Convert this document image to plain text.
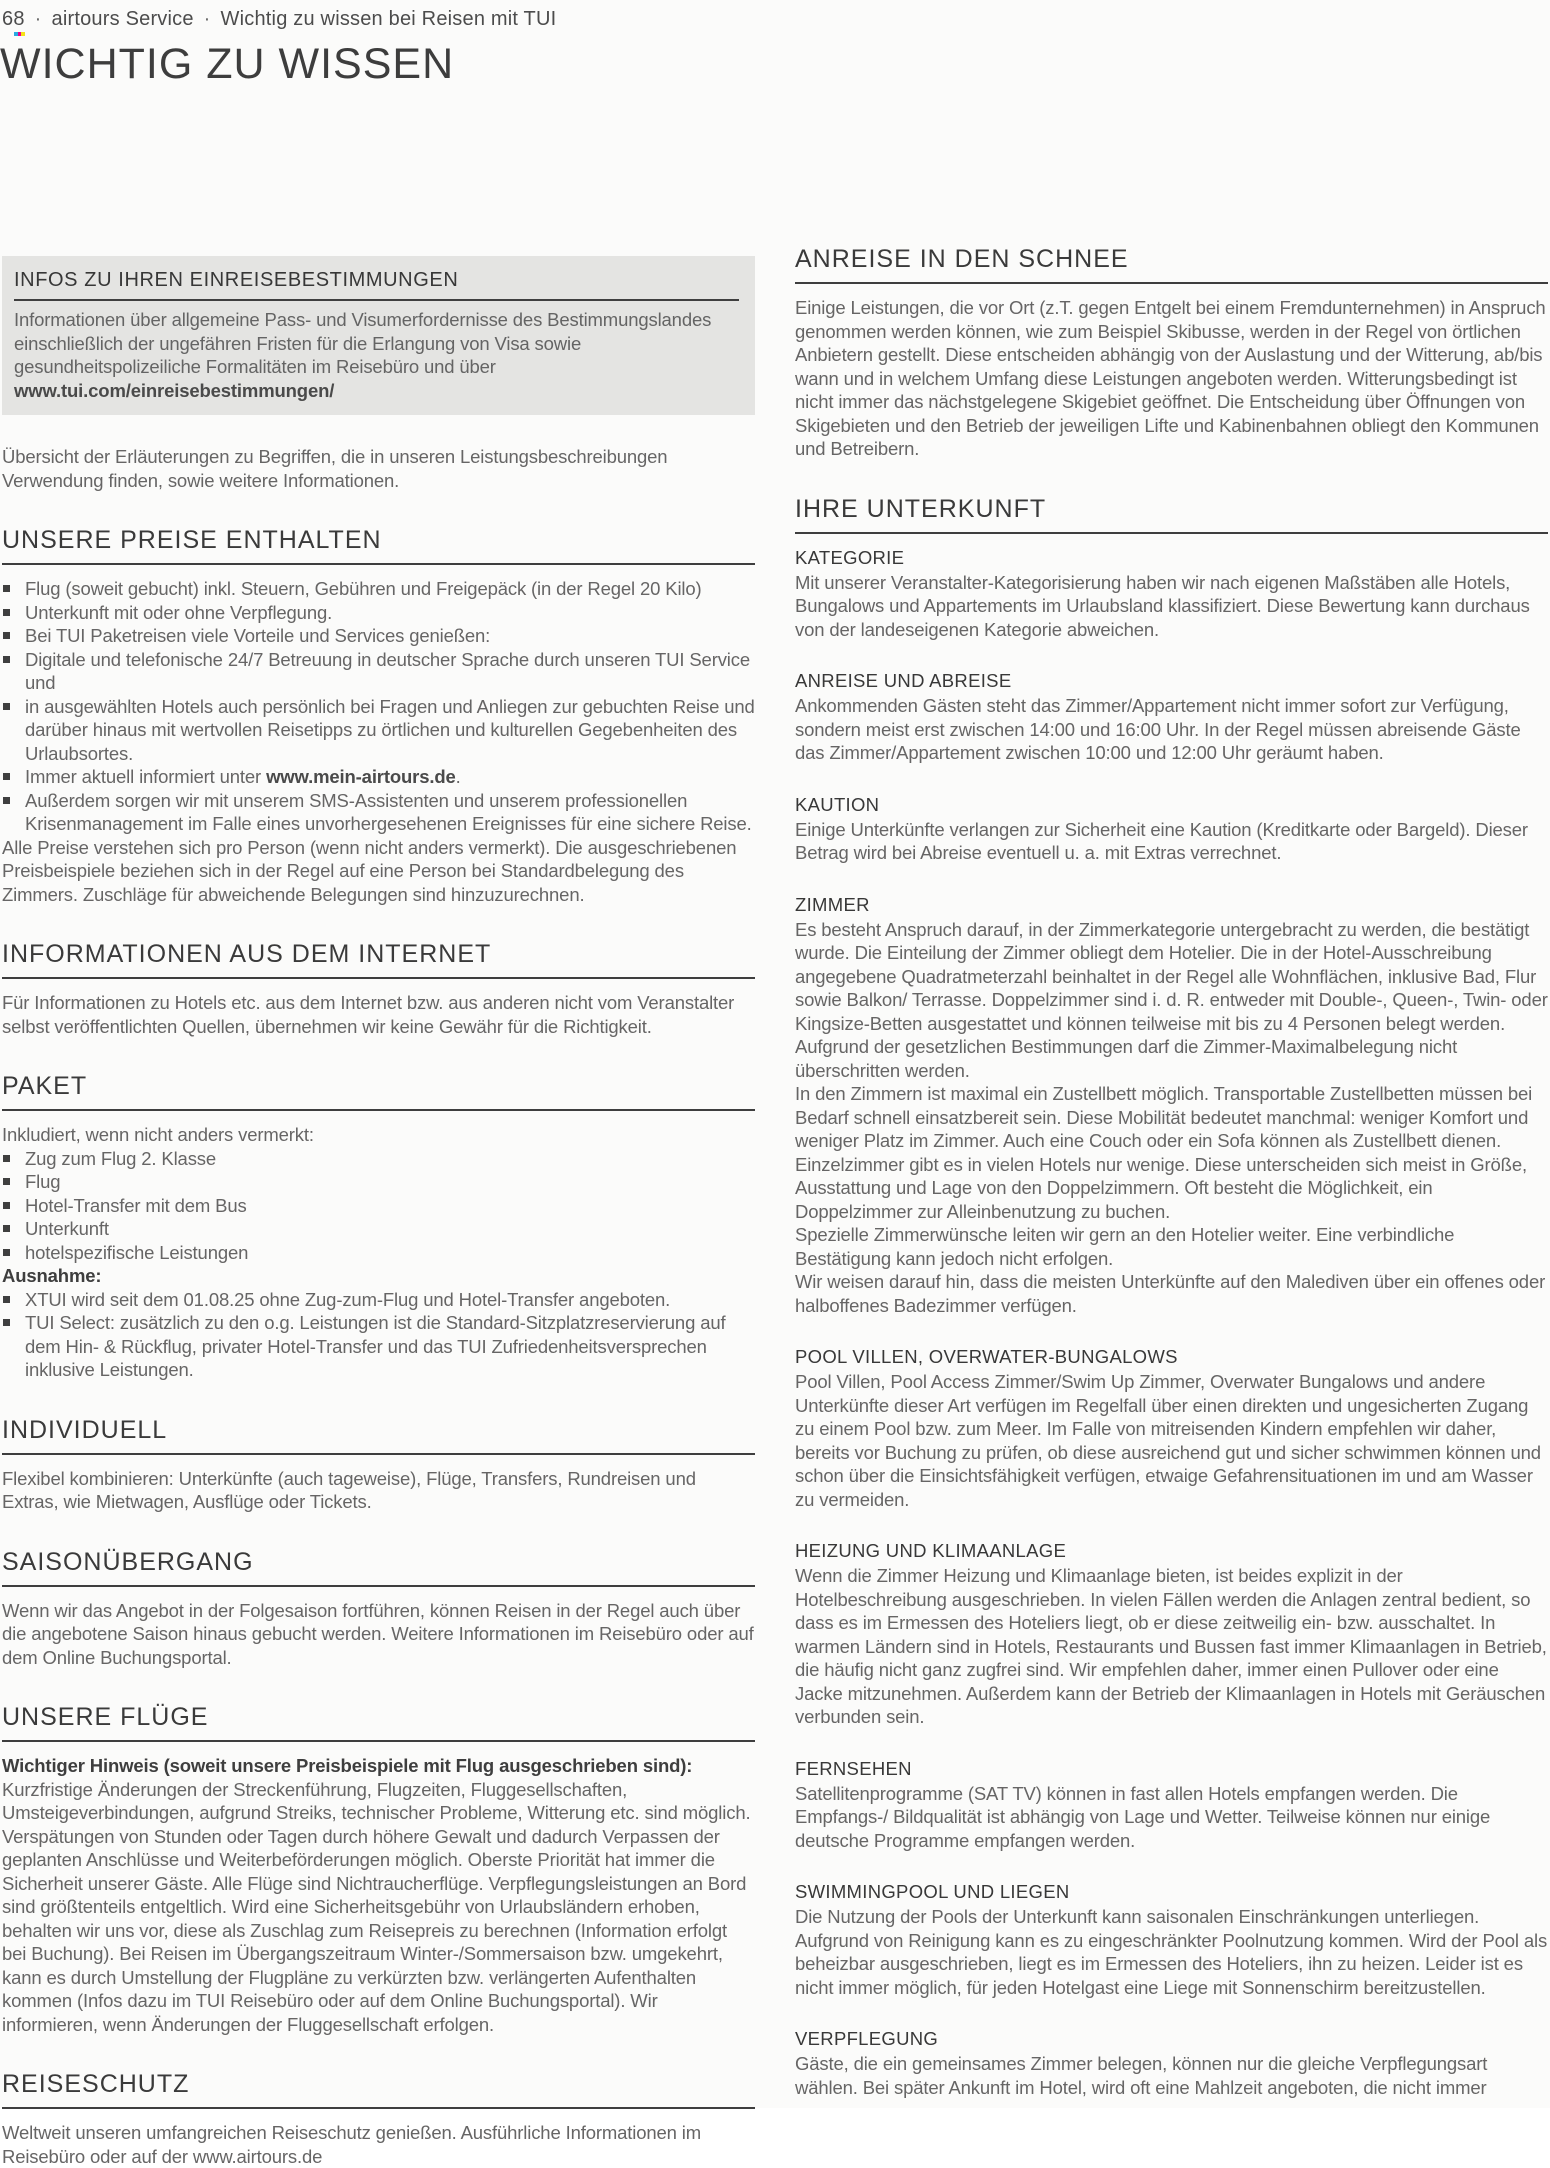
68 · airtours Service · Wichtig zu wissen bei Reisen mit TUI
WICHTIG ZU WISSEN
INFOS ZU IHREN EINREISEBESTIMMUNGEN

Informationen über allgemeine Pass- und Visumerfordernisse des Bestimmungslandes einschließlich der ungefähren Fristen für die Erlangung von Visa sowie gesundheitspolizeiliche Formalitäten im Reisebüro und über www.tui.com/einreisebestimmungen/

Übersicht der Erläuterungen zu Begriffen, die in unseren Leistungsbeschreibungen Verwendung finden, sowie weitere Informationen.

UNSERE PREISE ENTHALTEN
Flug (soweit gebucht) inkl. Steuern, Gebühren und Freigepäck (in der Regel 20 Kilo)
Unterkunft mit oder ohne Verpflegung.
Bei TUI Paketreisen viele Vorteile und Services genießen:
Digitale und telefonische 24/7 Betreuung in deutscher Sprache durch unseren TUI Service und
in ausgewählten Hotels auch persönlich bei Fragen und Anliegen zur gebuchten Reise und darüber hinaus mit wertvollen Reisetipps zu örtlichen und kulturellen Gegebenheiten des Urlaubsortes.
Immer aktuell informiert unter www.mein-airtours.de.
Außerdem sorgen wir mit unserem SMS-Assistenten und unserem professionellen Krisenmanagement im Falle eines unvorhergesehenen Ereignisses für eine sichere Reise.

Alle Preise verstehen sich pro Person (wenn nicht anders vermerkt). Die ausgeschriebenen Preisbeispiele beziehen sich in der Regel auf eine Person bei Standardbelegung des Zimmers. Zuschläge für abweichende Belegungen sind hinzuzurechnen.

INFORMATIONEN AUS DEM INTERNET

Für Informationen zu Hotels etc. aus dem Internet bzw. aus anderen nicht vom Veranstalter selbst veröffentlichten Quellen, übernehmen wir keine Gewähr für die Richtigkeit.

PAKET

Inkludiert, wenn nicht anders vermerkt:

Zug zum Flug 2. Klasse
Flug
Hotel-Transfer mit dem Bus
Unterkunft
hotelspezifische Leistungen

Ausnahme:

XTUI wird seit dem 01.08.25 ohne Zug-zum-Flug und Hotel-Transfer angeboten.
TUI Select: zusätzlich zu den o.g. Leistungen ist die Standard-Sitzplatzreservierung auf dem Hin- & Rückflug, privater Hotel-Transfer und das TUI Zufriedenheitsversprechen inklusive Leistungen.
INDIVIDUELL

Flexibel kombinieren: Unterkünfte (auch tageweise), Flüge, Transfers, Rundreisen und Extras, wie Mietwagen, Ausflüge oder Tickets.

SAISONÜBERGANG

Wenn wir das Angebot in der Folgesaison fortführen, können Reisen in der Regel auch über die angebotene Saison hinaus gebucht werden. Weitere Informationen im Reisebüro oder auf dem Online Buchungsportal.

UNSERE FLÜGE

Wichtiger Hinweis (soweit unsere Preisbeispiele mit Flug ausgeschrieben sind):

Kurzfristige Änderungen der Streckenführung, Flugzeiten, Fluggesellschaften, Umsteigeverbindungen, aufgrund Streiks, technischer Probleme, Witterung etc. sind möglich. Verspätungen von Stunden oder Tagen durch höhere Gewalt und dadurch Verpassen der geplanten Anschlüsse und Weiterbeförderungen möglich. Oberste Priorität hat immer die Sicherheit unserer Gäste. Alle Flüge sind Nichtraucherflüge. Verpflegungsleistungen an Bord sind größtenteils entgeltlich. Wird eine Sicherheitsgebühr von Urlaubsländern erhoben, behalten wir uns vor, diese als Zuschlag zum Reisepreis zu berechnen (Information erfolgt bei Buchung). Bei Reisen im Übergangszeitraum Winter-/Sommersaison bzw. umgekehrt, kann es durch Umstellung der Flugpläne zu verkürzten bzw. verlängerten Aufenthalten kommen (Infos dazu im TUI Reisebüro oder auf dem Online Buchungsportal). Wir informieren, wenn Änderungen der Fluggesellschaft erfolgen.

REISESCHUTZ

Weltweit unseren umfangreichen Reiseschutz genießen. Ausführliche Informationen im Reisebüro oder auf der www.airtours.de

ANREISE IN DEN SCHNEE

Einige Leistungen, die vor Ort (z.T. gegen Entgelt bei einem Fremdunternehmen) in Anspruch genommen werden können, wie zum Beispiel Skibusse, werden in der Regel von örtlichen Anbietern gestellt. Diese entscheiden abhängig von der Auslastung und der Witterung, ab/bis wann und in welchem Umfang diese Leistungen angeboten werden. Witterungsbedingt ist nicht immer das nächstgelegene Skigebiet geöffnet. Die Entscheidung über Öffnungen von Skigebieten und den Betrieb der jeweiligen Lifte und Kabinenbahnen obliegt den Kommunen und Betreibern.

IHRE UNTERKUNFT
KATEGORIE

Mit unserer Veranstalter-Kategorisierung haben wir nach eigenen Maßstäben alle Hotels, Bungalows und Appartements im Urlaubsland klassifiziert. Diese Bewertung kann durchaus von der landeseigenen Kategorie abweichen.

ANREISE UND ABREISE

Ankommenden Gästen steht das Zimmer/Appartement nicht immer sofort zur Verfügung, sondern meist erst zwischen 14:00 und 16:00 Uhr. In der Regel müssen abreisende Gäste das Zimmer/Appartement zwischen 10:00 und 12:00 Uhr geräumt haben.

KAUTION

Einige Unterkünfte verlangen zur Sicherheit eine Kaution (Kreditkarte oder Bargeld). Dieser Betrag wird bei Abreise eventuell u. a. mit Extras verrechnet.

ZIMMER

Es besteht Anspruch darauf, in der Zimmerkategorie untergebracht zu werden, die bestätigt wurde. Die Einteilung der Zimmer obliegt dem Hotelier. Die in der Hotel-Ausschreibung angegebene Quadratmeterzahl beinhaltet in der Regel alle Wohnflächen, inklusive Bad, Flur sowie Balkon/ Terrasse. Doppelzimmer sind i. d. R. entweder mit Double-, Queen-, Twin- oder Kingsize-Betten ausgestattet und können teilweise mit bis zu 4 Personen belegt werden. Aufgrund der gesetzlichen Bestimmungen darf die Zimmer-Maximalbelegung nicht überschritten werden.

In den Zimmern ist maximal ein Zustellbett möglich. Transportable Zustellbetten müssen bei Bedarf schnell einsatzbereit sein. Diese Mobilität bedeutet manchmal: weniger Komfort und weniger Platz im Zimmer. Auch eine Couch oder ein Sofa können als Zustellbett dienen. Einzelzimmer gibt es in vielen Hotels nur wenige. Diese unterscheiden sich meist in Größe, Ausstattung und Lage von den Doppelzimmern. Oft besteht die Möglichkeit, ein Doppelzimmer zur Alleinbenutzung zu buchen.

Spezielle Zimmerwünsche leiten wir gern an den Hotelier weiter. Eine verbindliche Bestätigung kann jedoch nicht erfolgen.

Wir weisen darauf hin, dass die meisten Unterkünfte auf den Malediven über ein offenes oder halboffenes Badezimmer verfügen.

POOL VILLEN, OVERWATER-BUNGALOWS

Pool Villen, Pool Access Zimmer/Swim Up Zimmer, Overwater Bungalows und andere Unterkünfte dieser Art verfügen im Regelfall über einen direkten und ungesicherten Zugang zu einem Pool bzw. zum Meer. Im Falle von mitreisenden Kindern empfehlen wir daher, bereits vor Buchung zu prüfen, ob diese ausreichend gut und sicher schwimmen können und schon über die Einsichtsfähigkeit verfügen, etwaige Gefahrensituationen im und am Wasser zu vermeiden.

HEIZUNG UND KLIMAANLAGE

Wenn die Zimmer Heizung und Klimaanlage bieten, ist beides explizit in der Hotelbeschreibung ausgeschrieben. In vielen Fällen werden die Anlagen zentral bedient, so dass es im Ermessen des Hoteliers liegt, ob er diese zeitweilig ein- bzw. ausschaltet. In warmen Ländern sind in Hotels, Restaurants und Bussen fast immer Klimaanlagen in Betrieb, die häufig nicht ganz zugfrei sind. Wir empfehlen daher, immer einen Pullover oder eine Jacke mitzunehmen. Außerdem kann der Betrieb der Klimaanlagen in Hotels mit Geräuschen verbunden sein.

FERNSEHEN

Satellitenprogramme (SAT TV) können in fast allen Hotels empfangen werden. Die Empfangs-/ Bildqualität ist abhängig von Lage und Wetter. Teilweise können nur einige deutsche Programme empfangen werden.

SWIMMINGPOOL UND LIEGEN

Die Nutzung der Pools der Unterkunft kann saisonalen Einschränkungen unterliegen. Aufgrund von Reinigung kann es zu eingeschränkter Poolnutzung kommen. Wird der Pool als beheizbar ausgeschrieben, liegt es im Ermessen des Hoteliers, ihn zu heizen. Leider ist es nicht immer möglich, für jeden Hotelgast eine Liege mit Sonnenschirm bereitzustellen.

VERPFLEGUNG

Gäste, die ein gemeinsames Zimmer belegen, können nur die gleiche Verpflegungsart wählen. Bei später Ankunft im Hotel, wird oft eine Mahlzeit angeboten, die nicht immer
